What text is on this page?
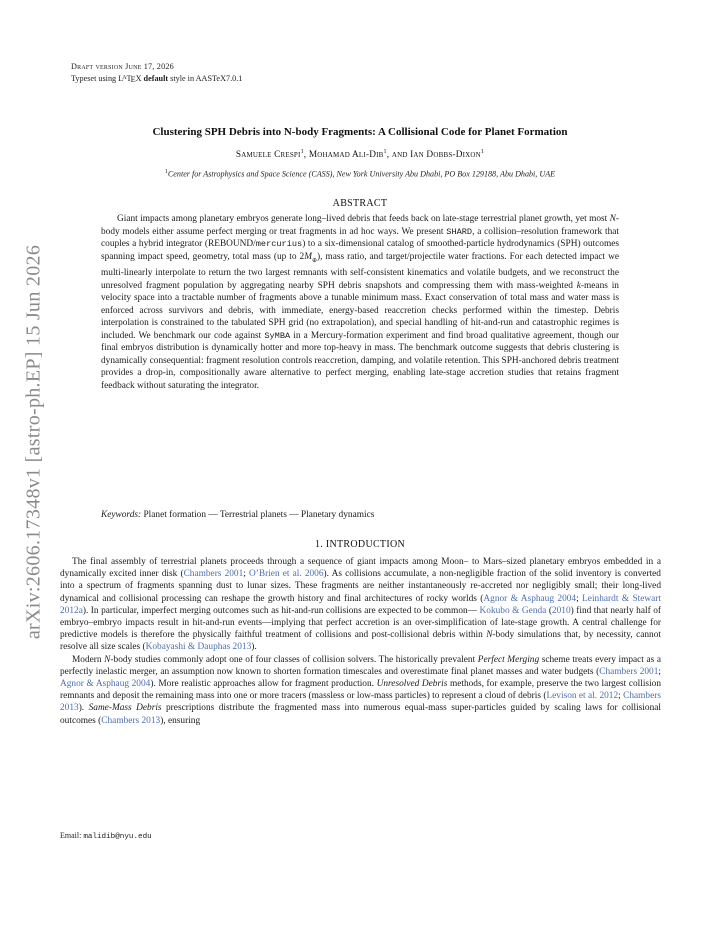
arXiv:2606.17348v1 [astro-ph.EP] 15 Jun 2026
Draft version June 17, 2026
Typeset using $L^ATEX$ default style in AASTeX7.0.1
Clustering SPH Debris into N-body Fragments: A Collisional Code for Planet Formation
Samuele Crespi$^1$, Mohamad Ali-Dib$^1$, and Ian Dobbs-Dixon$^1$
$^1$Center for Astrophysics and Space Science (CASS), New York University Abu Dhabi, PO Box 129188, Abu Dhabi, UAE
ABSTRACT
Giant impacts among planetary embryos generate long–lived debris that feeds back on late-stage terrestrial planet growth, yet most N-body models either assume perfect merging or treat fragments in ad hoc ways. We present SHARD, a collision–resolution framework that couples a hybrid integrator (REBOUND/mercurius) to a six-dimensional catalog of smoothed-particle hydrodynamics (SPH) outcomes spanning impact speed, geometry, total mass (up to $2M_\oplus$), mass ratio, and target/projectile water fractions. For each detected impact we multi-linearly interpolate to return the two largest remnants with self-consistent kinematics and volatile budgets, and we reconstruct the unresolved fragment population by aggregating nearby SPH debris snapshots and compressing them with mass-weighted k-means in velocity space into a tractable number of fragments above a tunable minimum mass. Exact conservation of total mass and water mass is enforced across survivors and debris, with immediate, energy-based reaccretion checks performed within the timestep. Debris interpolation is constrained to the tabulated SPH grid (no extrapolation), and special handling of hit-and-run and catastrophic regimes is included. We benchmark our code against SyMBA in a Mercury-formation experiment and find broad qualitative agreement, though our final embryos distribution is dynamically hotter and more top-heavy in mass. The benchmark outcome suggests that debris clustering is dynamically consequential: fragment resolution controls reaccretion, damping, and volatile retention. This SPH-anchored debris treatment provides a drop-in, compositionally aware alternative to perfect merging, enabling late-stage accretion studies that retains fragment feedback without saturating the integrator.
Keywords: Planet formation — Terrestrial planets — Planetary dynamics
1. INTRODUCTION

The final assembly of terrestrial planets proceeds through a sequence of giant impacts among Moon– to Mars–sized planetary embryos embedded in a dynamically excited inner disk (Chambers 2001; O’Brien et al. 2006). As collisions accumulate, a non-negligible fraction of the solid inventory is converted into a spectrum of fragments spanning dust to lunar sizes. These fragments are neither instantaneously re-accreted nor negligibly small; their long-lived dynamical and collisional processing can reshape the growth history and final architectures of rocky worlds (Agnor & Asphaug 2004; Leinhardt & Stewart 2012a). In particular, imperfect merging outcomes such as hit-and-run collisions are expected to be common— Kokubo & Genda (2010) find that nearly half of embryo–embryo impacts result in hit-and-run events—implying that perfect accretion is an over-simplification of late-stage growth. A central challenge for predictive models is therefore the physically faithful treatment of collisions and post-collisional debris within N-body simulations that, by necessity, cannot resolve all size scales (Kobayashi & Dauphas 2013).

Modern N-body studies commonly adopt one of four classes of collision solvers. The historically prevalent Perfect Merging scheme treats every impact as a perfectly inelastic merger, an assumption now known to shorten formation timescales and overestimate final planet masses and water budgets (Chambers 2001; Agnor & Asphaug 2004). More realistic approaches allow for fragment production. Unresolved Debris methods, for example, preserve the two largest collision remnants and deposit the remaining mass into one or more tracers (massless or low-mass particles) to represent a cloud of debris (Levison et al. 2012; Chambers 2013). Same-Mass Debris prescriptions distribute the fragmented mass into numerous equal-mass super-particles guided by scaling laws for collisional outcomes (Chambers 2013), ensuring

Email: malidib@nyu.edu
